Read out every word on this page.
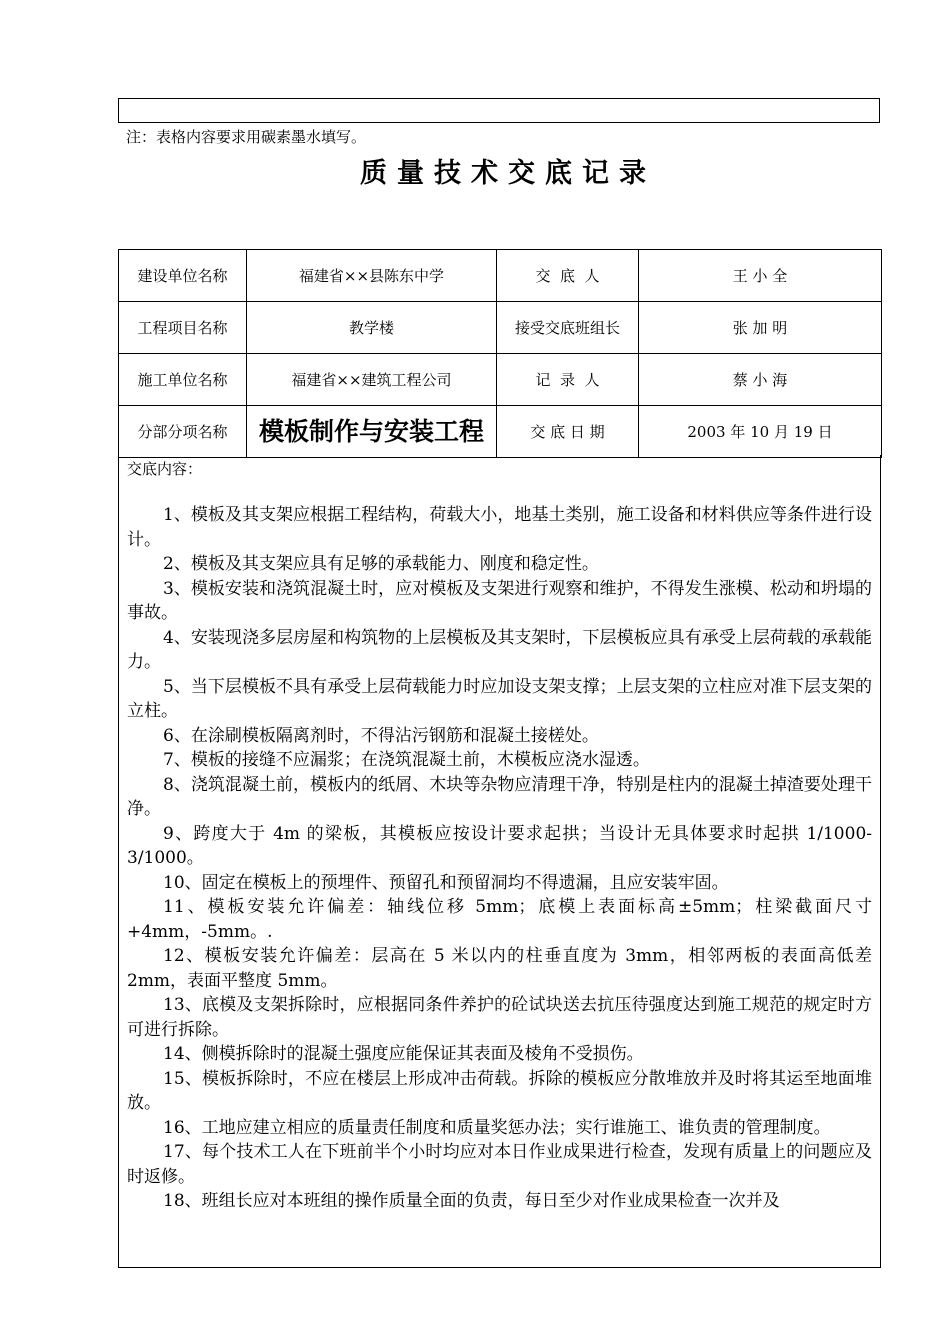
注：表格内容要求用碳素墨水填写。
质量技术交底记录
建设单位名称	福建省××县陈东中学	交  底  人	王 小 全
工程项目名称	教学楼	接受交底班组长	张 加 明
施工单位名称	福建省××建筑工程公司	记  录  人	蔡 小 海
分部分项名称	模板制作与安装工程	交 底 日 期	2003 年 10 月 19 日
交底内容：

1、模板及其支架应根据工程结构，荷载大小，地基土类别，施工设备和材料供应等条件进行设计。

2、模板及其支架应具有足够的承载能力、刚度和稳定性。

3、模板安装和浇筑混凝土时，应对模板及支架进行观察和维护，不得发生涨模、松动和坍塌的事故。

4、安装现浇多层房屋和构筑物的上层模板及其支架时，下层模板应具有承受上层荷载的承载能力。

5、当下层模板不具有承受上层荷载能力时应加设支架支撑；上层支架的立柱应对准下层支架的立柱。

6、在涂刷模板隔离剂时，不得沾污钢筋和混凝土接槎处。

7、模板的接缝不应漏浆；在浇筑混凝土前，木模板应浇水湿透。

8、浇筑混凝土前，模板内的纸屑、木块等杂物应清理干净，特别是柱内的混凝土掉渣要处理干净。

9、跨度大于 4m 的梁板，其模板应按设计要求起拱；当设计无具体要求时起拱 1/1000-3/1000。

10、固定在模板上的预埋件、预留孔和预留洞均不得遗漏，且应安装牢固。

11、模板安装允许偏差：轴线位移 5mm；底模上表面标高±5mm；柱梁截面尺寸+4mm，-5mm。.

12、模板安装允许偏差：层高在 5 米以内的柱垂直度为 3mm，相邻两板的表面高低差 2mm，表面平整度 5mm。

13、底模及支架拆除时，应根据同条件养护的砼试块送去抗压待强度达到施工规范的规定时方可进行拆除。

14、侧模拆除时的混凝土强度应能保证其表面及棱角不受损伤。

15、模板拆除时，不应在楼层上形成冲击荷载。拆除的模板应分散堆放并及时将其运至地面堆放。

16、工地应建立相应的质量责任制度和质量奖惩办法；实行谁施工、谁负责的管理制度。

17、每个技术工人在下班前半个小时均应对本日作业成果进行检查，发现有质量上的问题应及时返修。

18、班组长应对本班组的操作质量全面的负责，每日至少对作业成果检查一次并及
